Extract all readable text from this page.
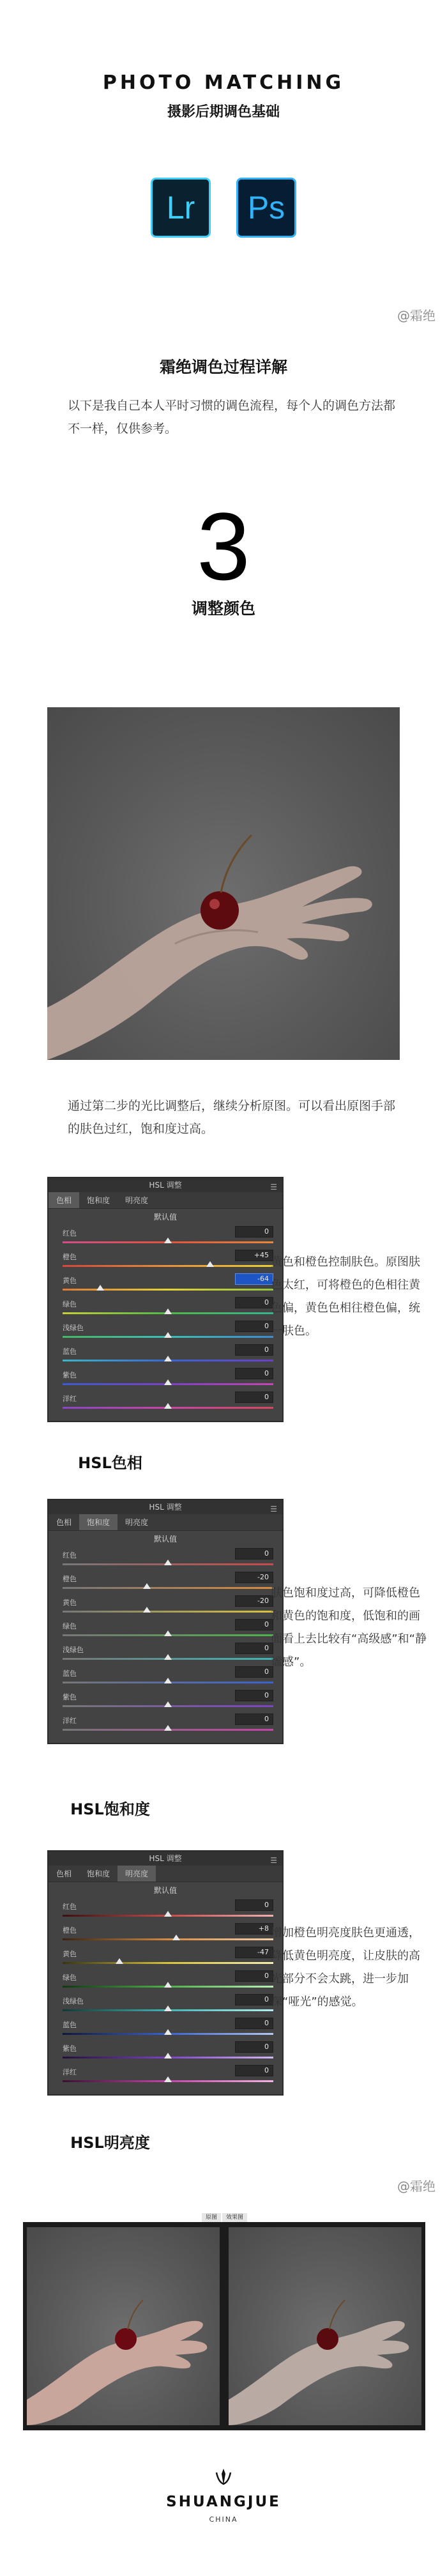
PHOTO MATCHING
摄影后期调色基础
Lr	Ps
@霜绝
霜绝调色过程详解
以下是我自己本人平时习惯的调色流程，每个人的调色方法都不一样，仅供参考。
3
调整颜色
通过第二步的光比调整后，继续分析原图。可以看出原图手部的肤色过红，饱和度过高。
HSL 调整	☰
色相	饱和度	明亮度
默认值
红色	0
橙色	+45
黄色	-64
绿色	0
浅绿色	0
蓝色	0
紫色	0
洋红	0
黄色和橙色控制肤色。原图肤色太红，可将橙色的色相往黄色偏，黄色色相往橙色偏，统一肤色。
HSL色相
HSL 调整	☰
色相	饱和度	明亮度
默认值
红色	0
橙色	-20
黄色	-20
绿色	0
浅绿色	0
蓝色	0
紫色	0
洋红	0
肤色饱和度过高，可降低橙色和黄色的饱和度，低饱和的画面看上去比较有“高级感”和“静谧感”。
HSL饱和度
HSL 调整	☰
色相	饱和度	明亮度
默认值
红色	0
橙色	+8
黄色	-47
绿色	0
浅绿色	0
蓝色	0
紫色	0
洋红	0
增加橙色明亮度肤色更通透，降低黄色明亮度，让皮肤的高光部分不会太跳，进一步加深“哑光”的感觉。
HSL明亮度
@霜绝
原图	效果图
SHUANGJUE
CHINA
